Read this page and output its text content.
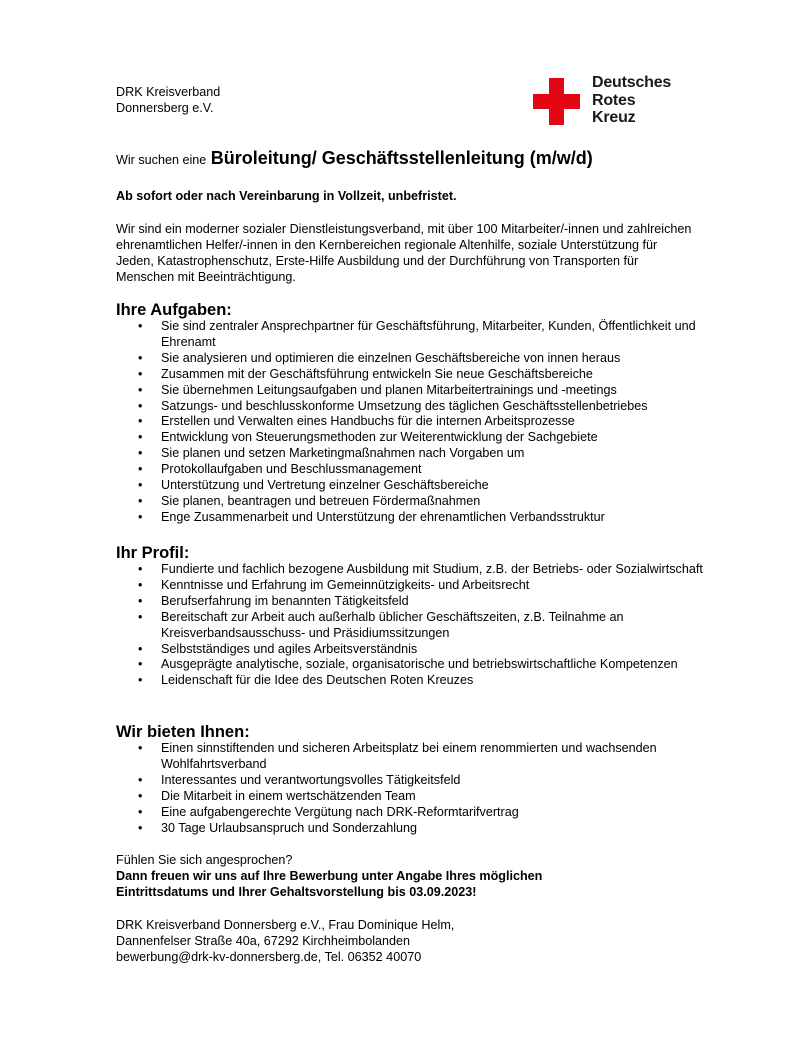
DRK Kreisverband
Donnersberg e.V.
Deutsches
Rotes
Kreuz
Wir suchen eine Büroleitung/ Geschäftsstellenleitung (m/w/d)
Ab sofort oder nach Vereinbarung in Vollzeit, unbefristet.
Wir sind ein moderner sozialer Dienstleistungsverband, mit über 100 Mitarbeiter/-innen und zahlreichen ehrenamtlichen Helfer/-innen in den Kernbereichen regionale Altenhilfe, soziale Unterstützung für Jeden, Katastrophenschutz, Erste-Hilfe Ausbildung und der Durchführung von Transporten für Menschen mit Beeinträchtigung.
Ihre Aufgaben:
• Sie sind zentraler Ansprechpartner für Geschäftsführung, Mitarbeiter, Kunden, Öffentlichkeit und Ehrenamt
• Sie analysieren und optimieren die einzelnen Geschäftsbereiche von innen heraus
• Zusammen mit der Geschäftsführung entwickeln Sie neue Geschäftsbereiche
• Sie übernehmen Leitungsaufgaben und planen Mitarbeitertrainings und -meetings
• Satzungs- und beschlusskonforme Umsetzung des täglichen Geschäftsstellenbetriebes
• Erstellen und Verwalten eines Handbuchs für die internen Arbeitsprozesse
• Entwicklung von Steuerungsmethoden zur Weiterentwicklung der Sachgebiete
• Sie planen und setzen Marketingmaßnahmen nach Vorgaben um
• Protokollaufgaben und Beschlussmanagement
• Unterstützung und Vertretung einzelner Geschäftsbereiche
• Sie planen, beantragen und betreuen Fördermaßnahmen
• Enge Zusammenarbeit und Unterstützung der ehrenamtlichen Verbandsstruktur
Ihr Profil:
• Fundierte und fachlich bezogene Ausbildung mit Studium, z.B. der Betriebs- oder Sozialwirtschaft
• Kenntnisse und Erfahrung im Gemeinnützigkeits- und Arbeitsrecht
• Berufserfahrung im benannten Tätigkeitsfeld
• Bereitschaft zur Arbeit auch außerhalb üblicher Geschäftszeiten, z.B. Teilnahme an Kreisverbandsausschuss- und Präsidiumssitzungen
• Selbstständiges und agiles Arbeitsverständnis
• Ausgeprägte analytische, soziale, organisatorische und betriebswirtschaftliche Kompetenzen
• Leidenschaft für die Idee des Deutschen Roten Kreuzes
Wir bieten Ihnen:
• Einen sinnstiftenden und sicheren Arbeitsplatz bei einem renommierten und wachsenden Wohlfahrtsverband
• Interessantes und verantwortungsvolles Tätigkeitsfeld
• Die Mitarbeit in einem wertschätzenden Team
• Eine aufgabengerechte Vergütung nach DRK-Reformtarifvertrag
• 30 Tage Urlaubsanspruch und Sonderzahlung
Fühlen Sie sich angesprochen?
Dann freuen wir uns auf Ihre Bewerbung unter Angabe Ihres möglichen
Eintrittsdatums und Ihrer Gehaltsvorstellung bis 03.09.2023!
DRK Kreisverband Donnersberg e.V., Frau Dominique Helm,
Dannenfelser Straße 40a, 67292 Kirchheimbolanden
bewerbung@drk-kv-donnersberg.de, Tel. 06352 40070
